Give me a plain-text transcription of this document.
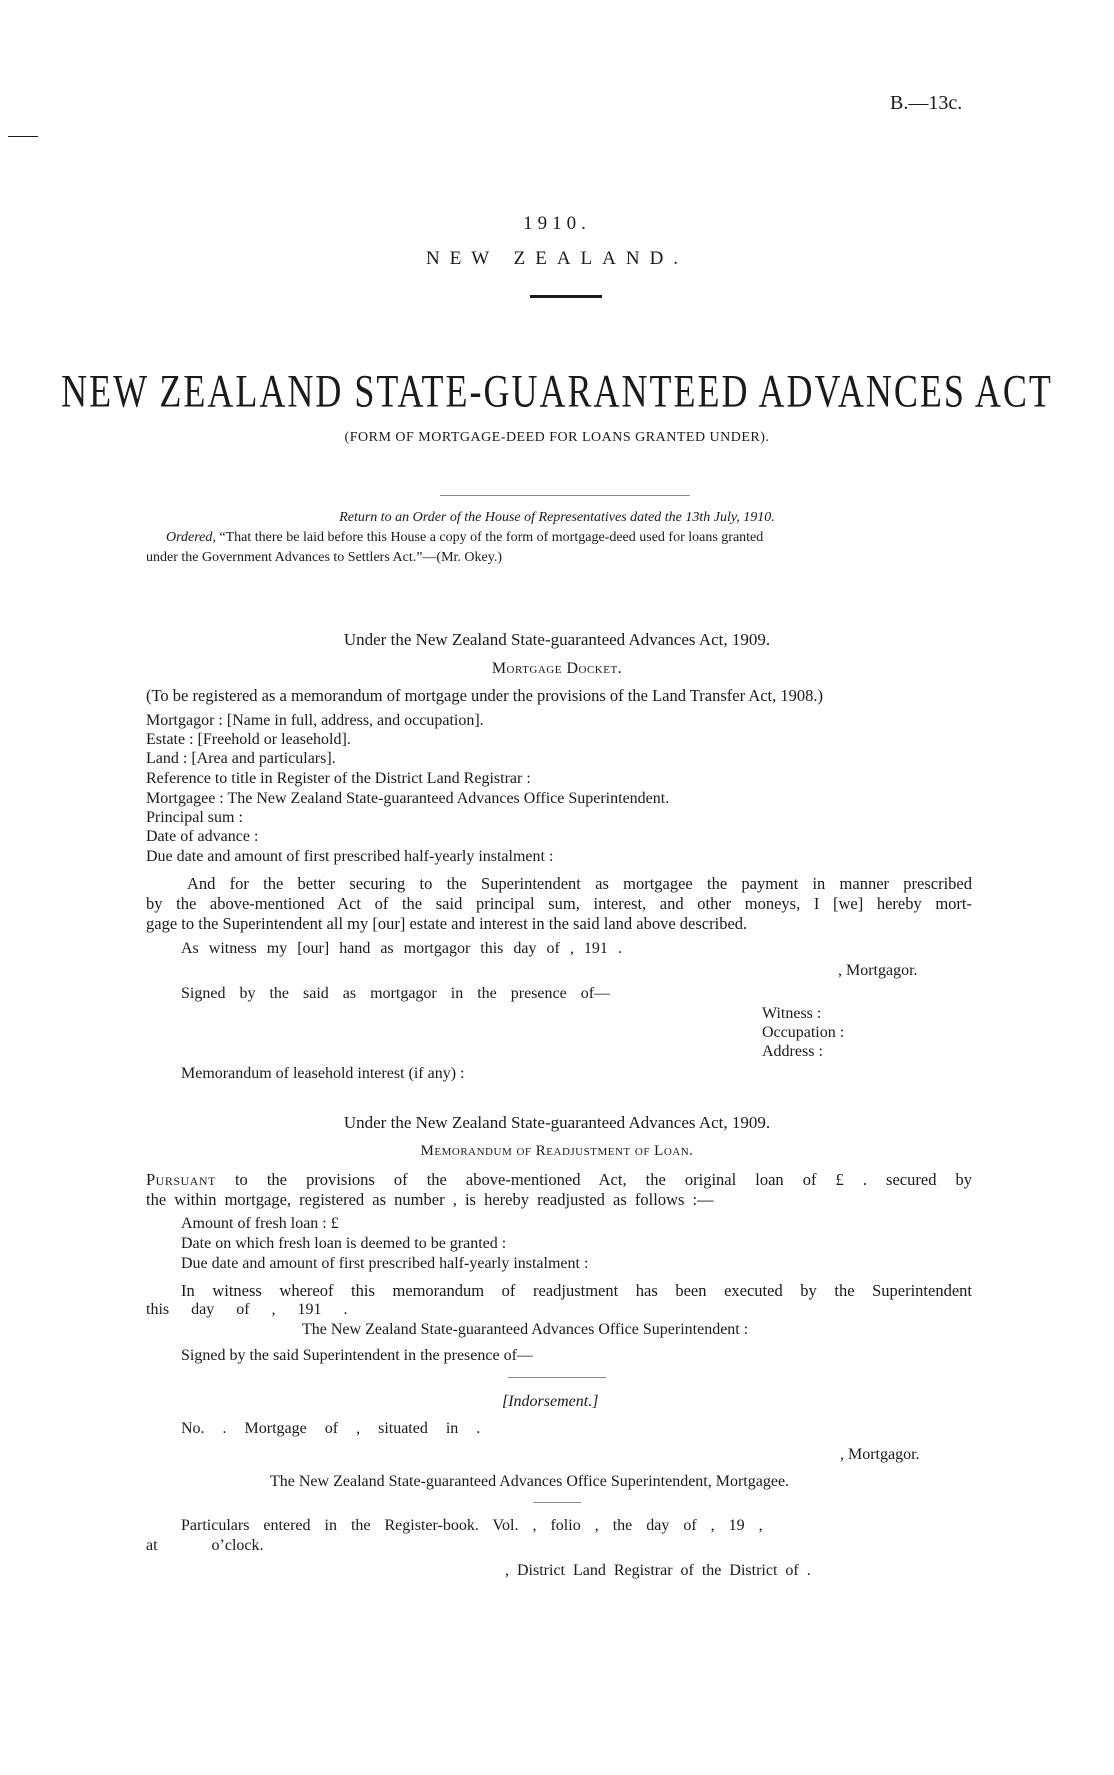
B.—13c.
1910.
NEW ZEALAND.
NEW ZEALAND STATE-GUARANTEED ADVANCES ACT
(FORM OF MORTGAGE-DEED FOR LOANS GRANTED UNDER).
Return to an Order of the House of Representatives dated the 13th July, 1910.
Ordered, “That there be laid before this House a copy of the form of mortgage-deed used for loans granted
under the Government Advances to Settlers Act.”—(Mr. Okey.)
Under the New Zealand State-guaranteed Advances Act, 1909.
Mortgage Docket.
(To be registered as a memorandum of mortgage under the provisions of the Land Transfer Act, 1908.)
Mortgagor : [Name in full, address, and occupation].
Estate : [Freehold or leasehold].
Land : [Area and particulars].
Reference to title in Register of the District Land Registrar :
Mortgagee : The New Zealand State-guaranteed Advances Office Superintendent.
Principal sum :
Date of advance :
Due date and amount of first prescribed half-yearly instalment :
And for the better securing to the Superintendent as mortgagee the payment in manner prescribed
by the above-mentioned Act of the said principal sum, interest, and other moneys, I [we] hereby mort-
gage to the Superintendent all my [our] estate and interest in the said land above described.
As witness my [our] hand as mortgagor this day of , 191 .
, Mortgagor.
Signed by the said as mortgagor in the presence of—
Witness :
Occupation :
Address :
Memorandum of leasehold interest (if any) :
Under the New Zealand State-guaranteed Advances Act, 1909.
Memorandum of Readjustment of Loan.
Pursuant to the provisions of the above-mentioned Act, the original loan of £ . secured by
the within mortgage, registered as number , is hereby readjusted as follows :—
Amount of fresh loan : £
Date on which fresh loan is deemed to be granted :
Due date and amount of first prescribed half-yearly instalment :
In witness whereof this memorandum of readjustment has been executed by the Superintendent
this day of , 191 .
The New Zealand State-guaranteed Advances Office Superintendent :
Signed by the said Superintendent in the presence of—
[Indorsement.]
No. . Mortgage of , situated in .
, Mortgagor.
The New Zealand State-guaranteed Advances Office Superintendent, Mortgagee.
Particulars entered in the Register-book. Vol. , folio , the day of , 19 ,
at o’clock.
, District Land Registrar of the District of .
